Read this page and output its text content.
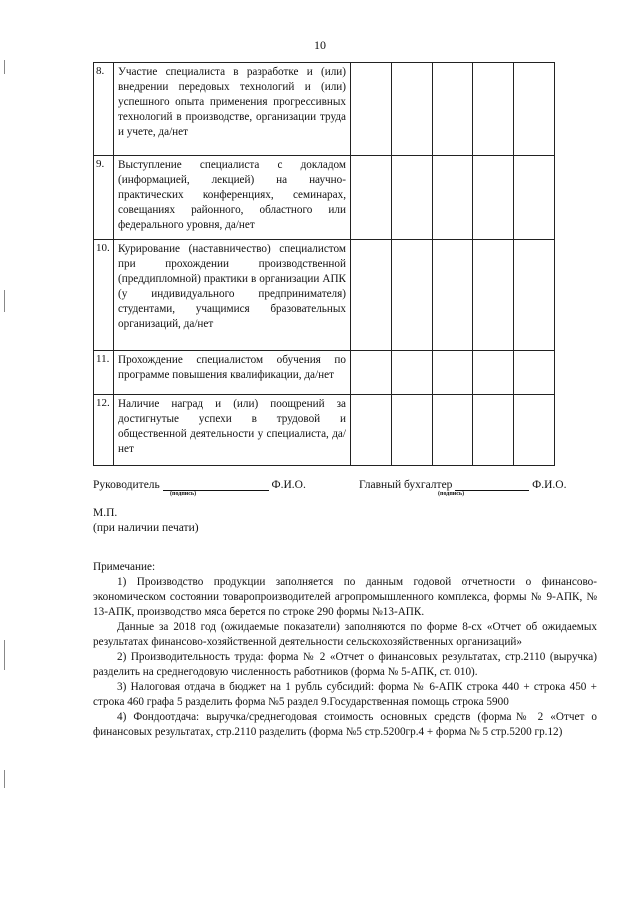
10
8.	Участие специалиста в разработке и (или) внедрении передовых технологий и (или) успешного опыта применения прогрессивных технологий в производстве, организации труда и учете, да/нет					
9.	Выступление специалиста с докладом (информацией, лекцией) на научно-практических конференциях, семинарах, совещаниях районного, областного или федерального уровня, да/нет					
10.	Курирование (наставничество) специалистом при прохождении производственной (преддипломной) практики в организации АПК (у индивидуального предпринимателя) студентами, учащимися бразовательных организаций, да/нет					
11.	Прохождение специалистом обучения по программе повышения квалификации, да/нет					
12.	Наличие наград и (или) поощрений за достигнутые успехи в трудовой и общественной деятельности у специалиста, да/нет					
Руководитель	Ф.И.О.
(подпись)
Главный бухгалтер	Ф.И.О.
(подпись)
М.П.
(при наличии печати)

Примечание:

1) Производство продукции заполняется по данным годовой отчетности о финансово-экономическом состоянии товаропроизводителей агропромышленного комплекса, формы № 9-АПК, № 13-АПК, производство мяса берется по строке 290 формы №13-АПК.

Данные за 2018 год (ожидаемые показатели) заполняются по форме 8-сх «Отчет об ожидаемых результатах финансово-хозяйственной деятельности сельскохозяйственных организаций»

2) Производительность труда: форма № 2 «Отчет о финансовых результатах, стр.2110 (выручка) разделить на среднегодовую численность работников (форма № 5-АПК, ст. 010).

3) Налоговая отдача в бюджет на 1 рубль субсидий: форма № 6-АПК строка 440 + строка 450 + строка 460 графа 5 разделить форма №5 раздел 9.Государственная помощь строка 5900

4) Фондоотдача: выручка/среднегодовая стоимость основных средств (форма№ 2 «Отчет о финансовых результатах, стр.2110 разделить (форма №5 стр.5200гр.4 + форма № 5 стр.5200 гр.12)
